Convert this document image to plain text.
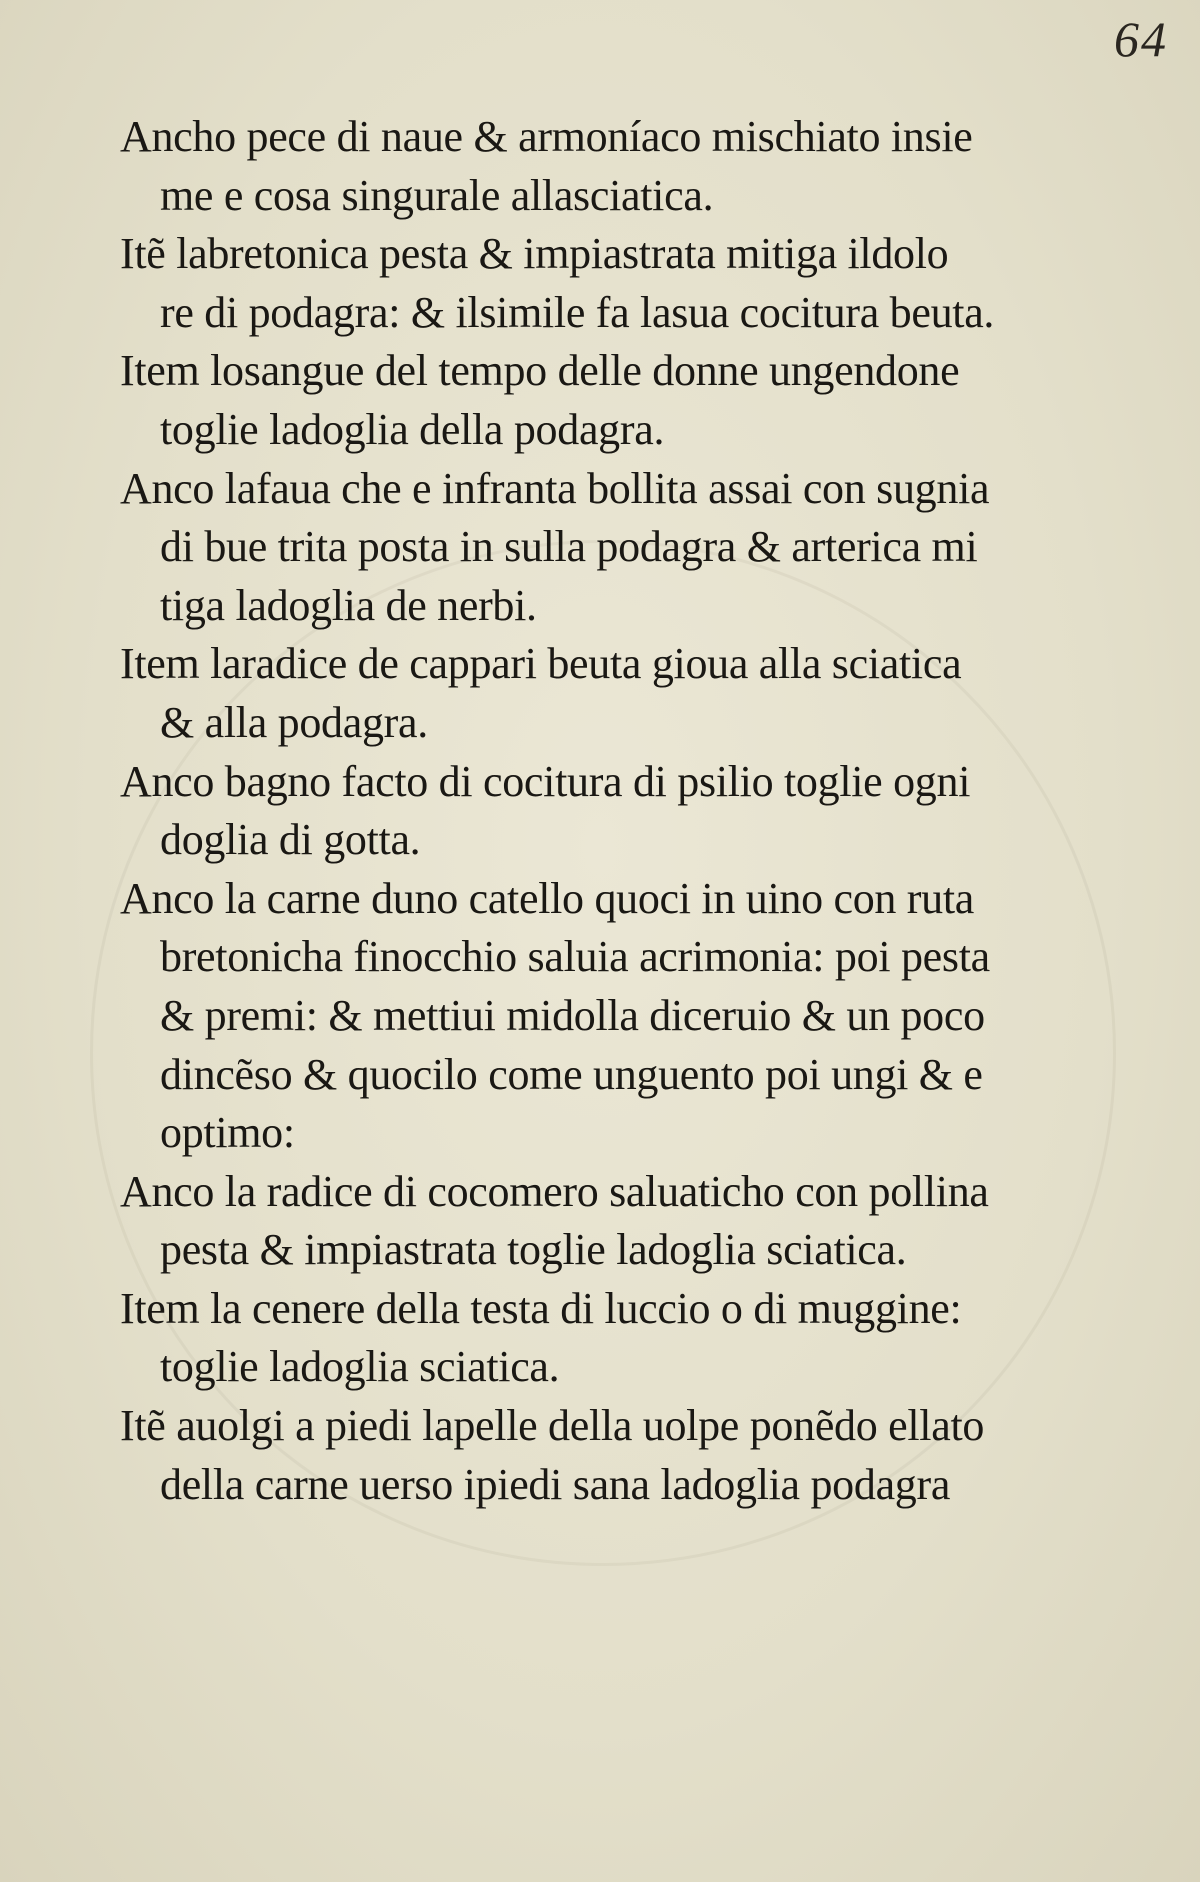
64

Ancho pece di naue & armoníaco mischiato insie
me e cosa singurale allasciatica.

Itẽ labretonica pesta & impiastrata mitiga ildolo
re di podagra: & ilsimile fa lasua cocitura beuta.

Item losangue del tempo delle donne ungendone
toglie ladoglia della podagra.

Anco lafaua che e infranta bollita assai con sugnia
di bue trita posta in sulla podagra & arterica mi
tiga ladoglia de nerbi.

Item laradice de cappari beuta gioua alla sciatica
& alla podagra.

Anco bagno facto di cocitura di psilio toglie ogni
doglia di gotta.

Anco la carne duno catello quoci in uino con ruta
bretonicha finocchio saluia acrimonia: poi pesta
& premi: & mettiui midolla diceruio & un poco
dincẽso & quocilo come unguento poi ungi & e
optimo:

Anco la radice di cocomero saluaticho con pollina
pesta & impiastrata toglie ladoglia sciatica.

Item la cenere della testa di luccio o di muggine:
toglie ladoglia sciatica.

Itẽ auolgi a piedi lapelle della uolpe ponẽdo ellato
della carne uerso ipiedi sana ladoglia podagra
